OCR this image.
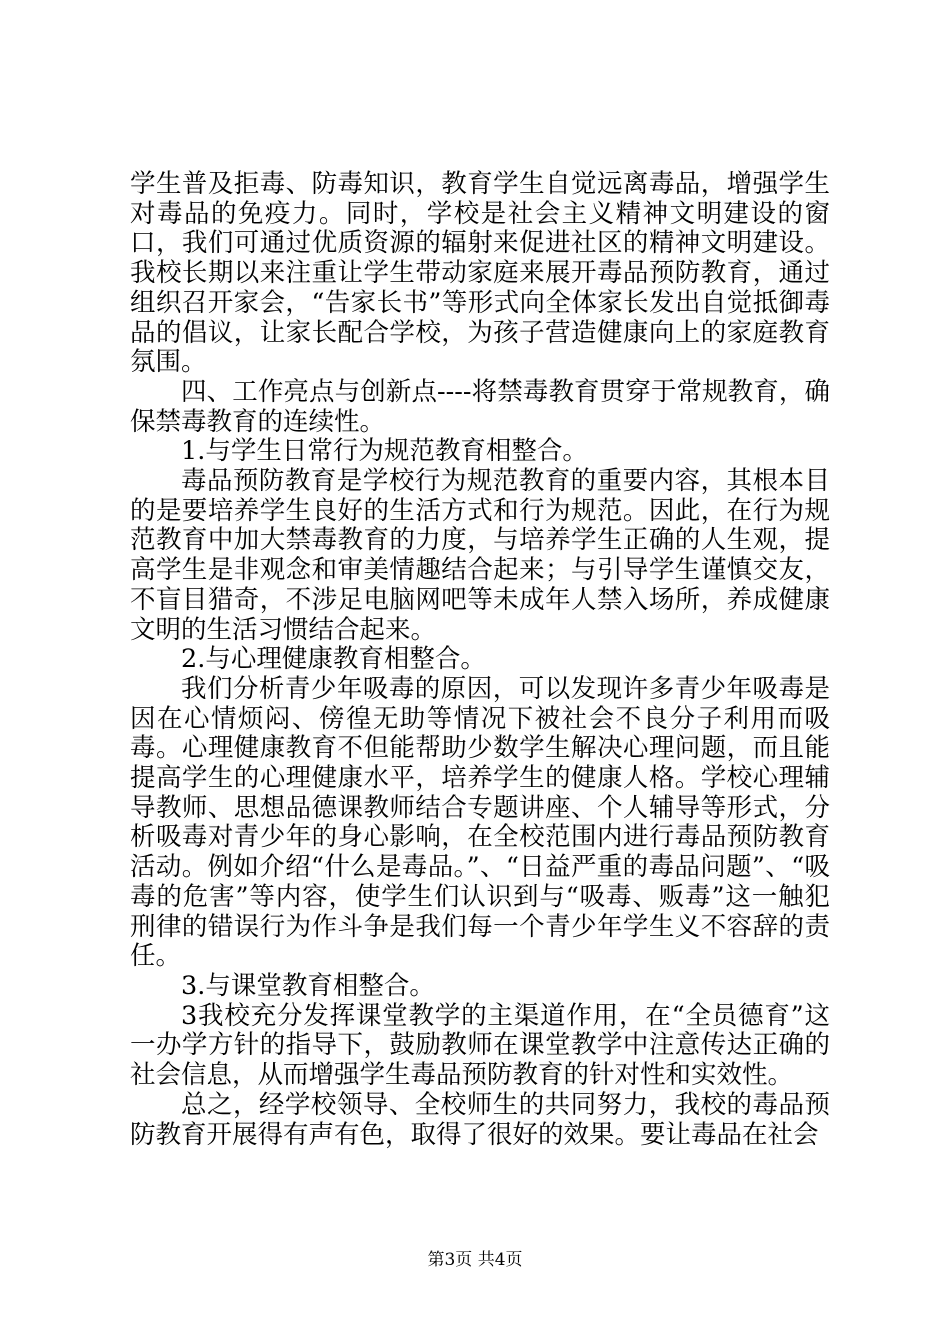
学生普及拒毒、防毒知识，教育学生自觉远离毒品，增强学生对毒品的免疫力。同时，学校是社会主义精神文明建设的窗口，我们可通过优质资源的辐射来促进社区的精神文明建设。我校长期以来注重让学生带动家庭来展开毒品预防教育，通过组织召开家会，“告家长书”等形式向全体家长发出自觉抵御毒品的倡议，让家长配合学校，为孩子营造健康向上的家庭教育氛围。

四、工作亮点与创新点----将禁毒教育贯穿于常规教育，确保禁毒教育的连续性。

1.与学生日常行为规范教育相整合。

毒品预防教育是学校行为规范教育的重要内容，其根本目的是要培养学生良好的生活方式和行为规范。因此，在行为规范教育中加大禁毒教育的力度，与培养学生正确的人生观，提高学生是非观念和审美情趣结合起来；与引导学生谨慎交友，不盲目猎奇，不涉足电脑网吧等未成年人禁入场所，养成健康文明的生活习惯结合起来。

2.与心理健康教育相整合。

我们分析青少年吸毒的原因，可以发现许多青少年吸毒是因在心情烦闷、傍徨无助等情况下被社会不良分子利用而吸毒。心理健康教育不但能帮助少数学生解决心理问题，而且能提高学生的心理健康水平，培养学生的健康人格。学校心理辅导教师、思想品德课教师结合专题讲座、个人辅导等形式，分析吸毒对青少年的身心影响，在全校范围内进行毒品预防教育活动。例如介绍“什么是毒品。”、“日益严重的毒品问题”、“吸毒的危害”等内容，使学生们认识到与“吸毒、贩毒”这一触犯刑律的错误行为作斗争是我们每一个青少年学生义不容辞的责任。

3.与课堂教育相整合。

3我校充分发挥课堂教学的主渠道作用，在“全员德育”这一办学方针的指导下，鼓励教师在课堂教学中注意传达正确的社会信息，从而增强学生毒品预防教育的针对性和实效性。

总之，经学校领导、全校师生的共同努力，我校的毒品预防教育开展得有声有色，取得了很好的效果。要让毒品在社会

第3页 共4页
